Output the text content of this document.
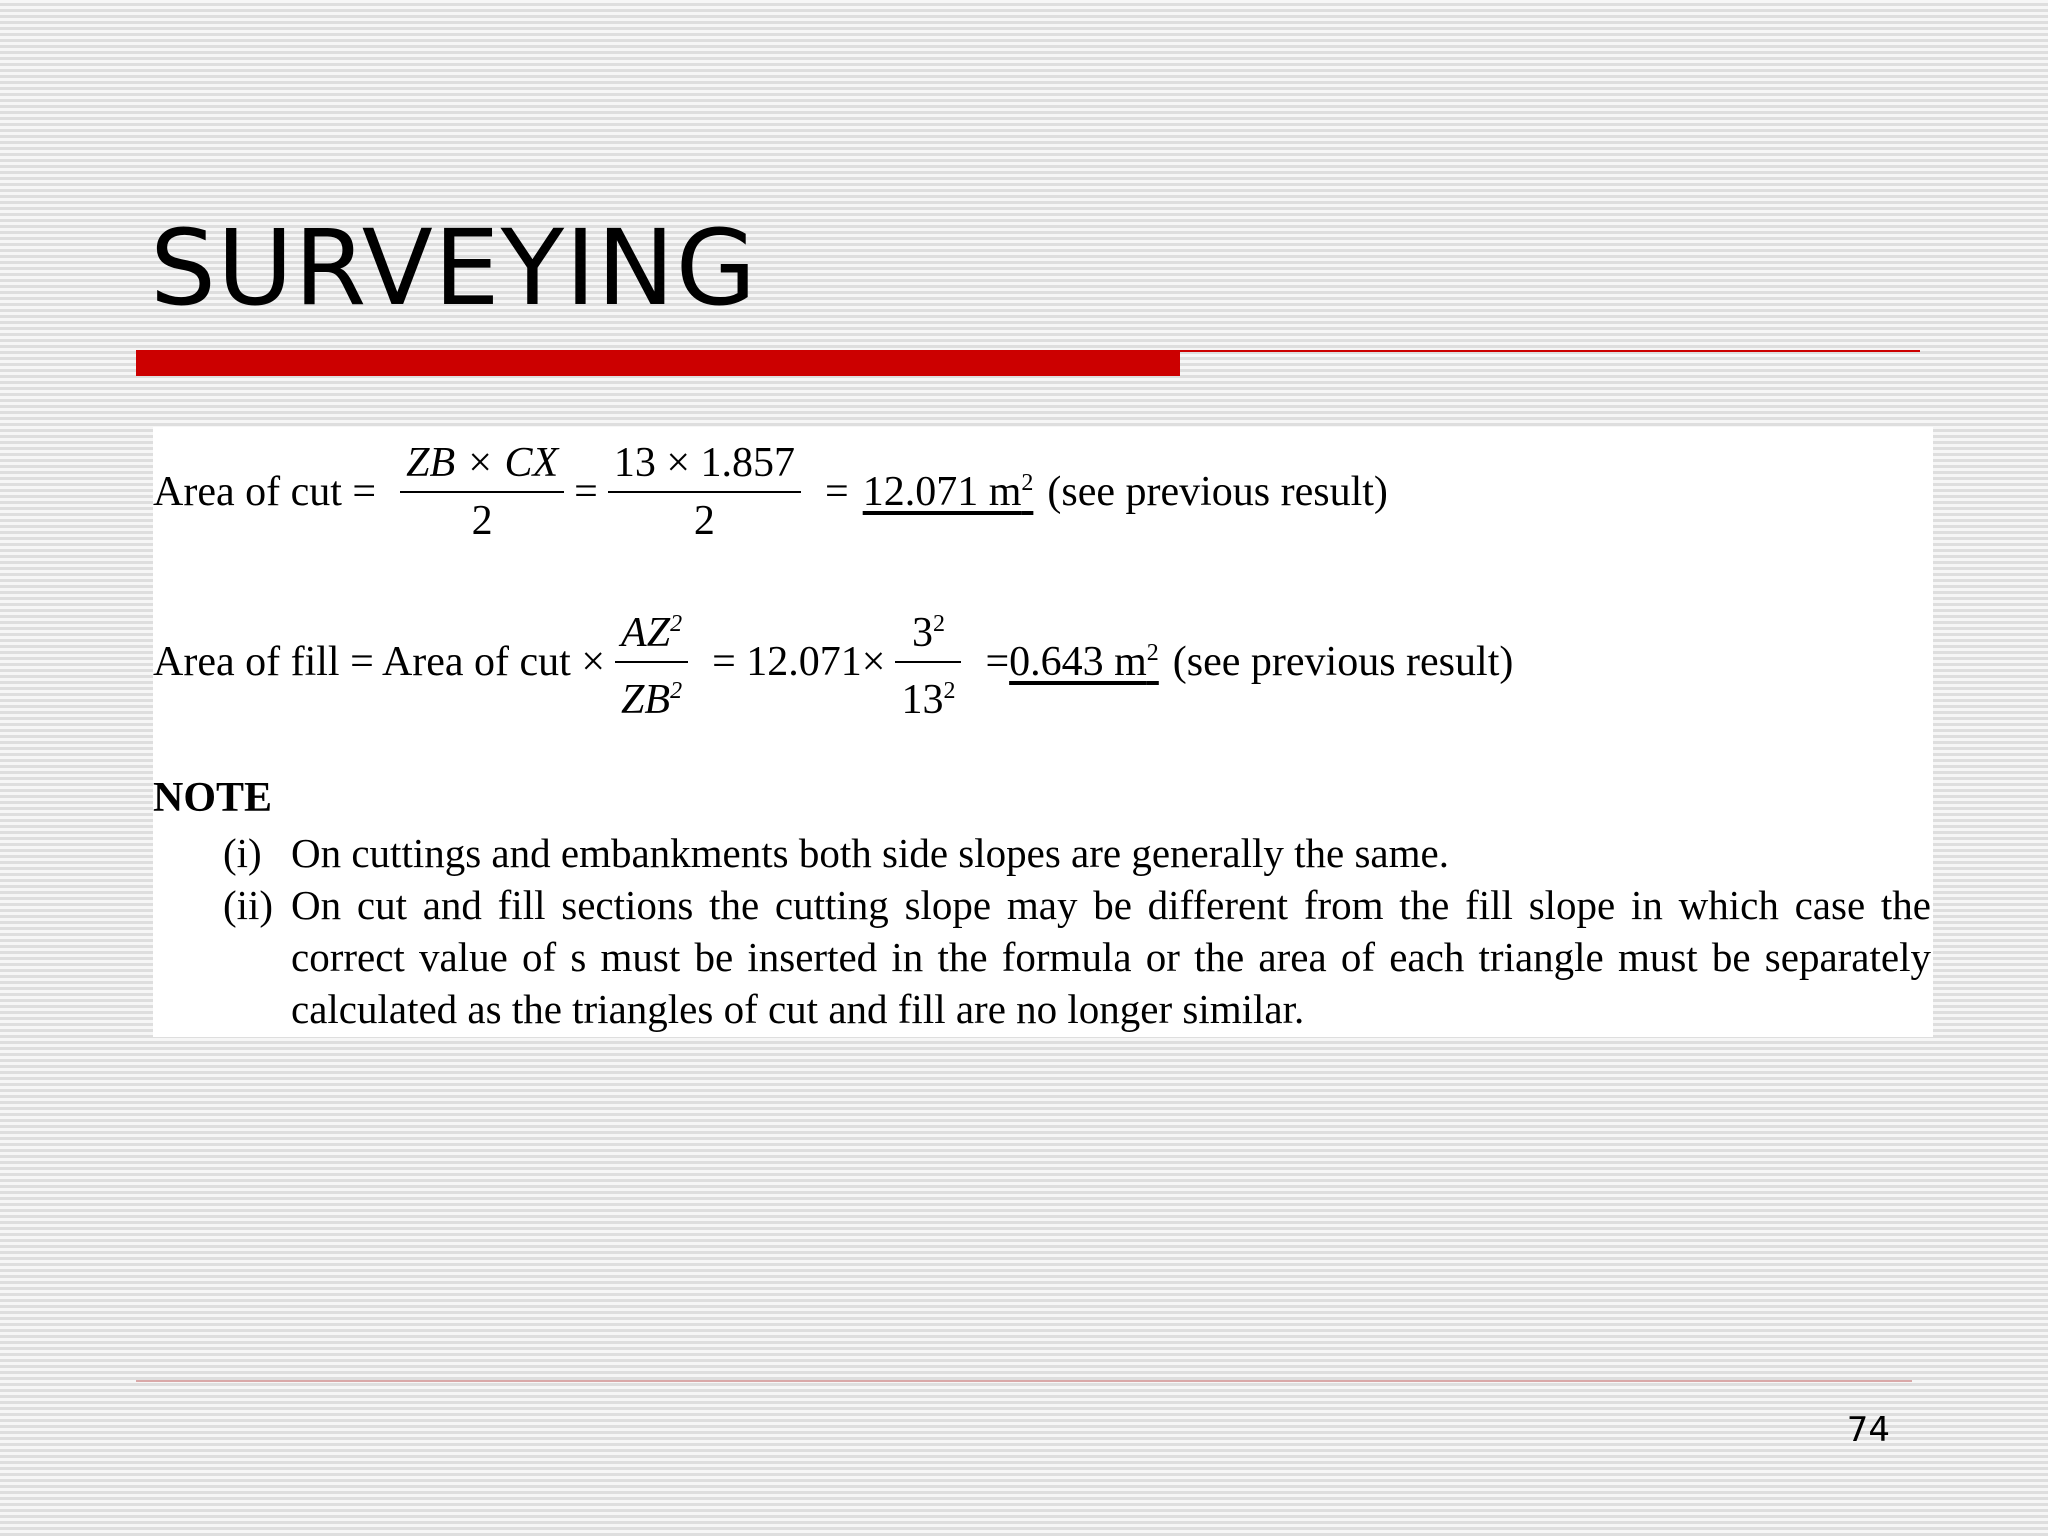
SURVEYING
Area of cut = $\frac{ZB \times CX}{2} = \frac{13 \times 1.857}{2} = 12.071$ $m^2$ (see previous result)
Area of fill = Area of cut × $\frac{AZ^2}{ZB^2} = 12.071\times \frac{3^2}{13^2} = 0.643$ $m^2$ (see previous result)
NOTE
(i) On cuttings and embankments both side slopes are generally the same.
(ii) On cut and fill sections the cutting slope may be different from the fill slope in which case the correct value of s must be inserted in the formula or the area of each triangle must be separately calculated as the triangles of cut and fill are no longer similar.
74
